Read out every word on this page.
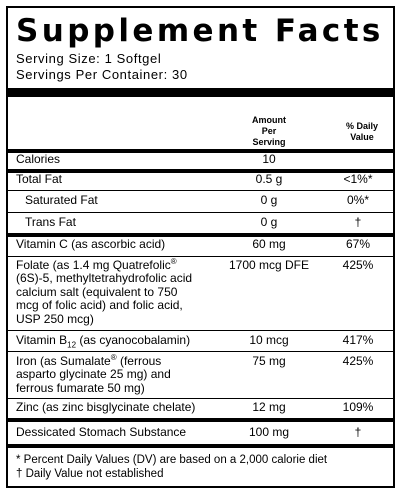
Supplement Facts
Serving Size: 1 Softgel
Servings Per Container: 30
Amount
Per
Serving
% Daily
Value
Calories	10
Total Fat	0.5 g	<1%*
Saturated Fat	0 g	0%*
Trans Fat	0 g	†
Vitamin C (as ascorbic acid)	60 mg	67%
Folate (as 1.4 mg Quatrefolic®
(6S)-5, methyltetrahydrofolic acid
calcium salt (equivalent to 750
mcg of folic acid) and folic acid,
USP 250 mcg)
1700 mcg DFE	425%
Vitamin $B_{12}$ (as cyanocobalamin)	10 mcg	417%
Iron (as Sumalate® (ferrous
asparto glycinate 25 mg) and
ferrous fumarate 50 mg)
75 mg	425%
Zinc (as zinc bisglycinate chelate)	12 mg	109%
Dessicated Stomach Substance	100 mg	†
* Percent Daily Values (DV) are based on a 2,000 calorie diet
† Daily Value not established
